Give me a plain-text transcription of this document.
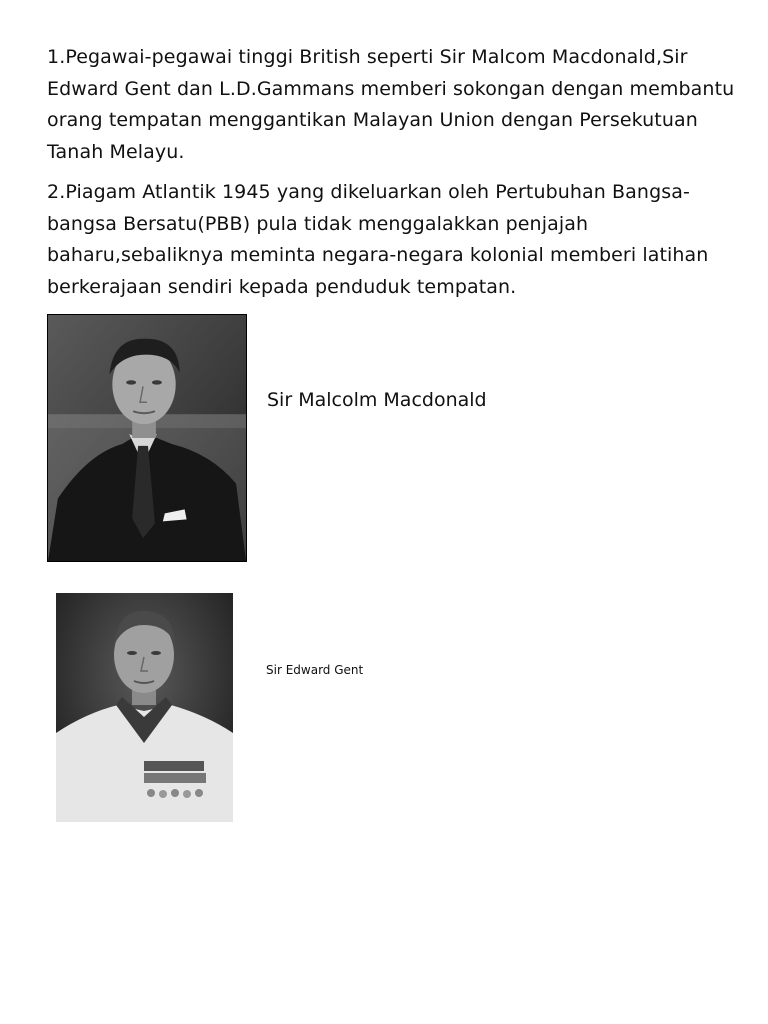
1.Pegawai-pegawai tinggi British seperti Sir Malcom Macdonald,Sir Edward Gent dan L.D.Gammans memberi sokongan dengan membantu orang tempatan menggantikan Malayan Union dengan Persekutuan Tanah Melayu.

2.Piagam Atlantik 1945 yang dikeluarkan oleh Pertubuhan Bangsa-bangsa Bersatu(PBB) pula tidak menggalakkan penjajah baharu,sebaliknya meminta negara-negara kolonial memberi latihan berkerajaan sendiri kepada penduduk tempatan.

Sir Malcolm Macdonald

Sir Edward Gent
